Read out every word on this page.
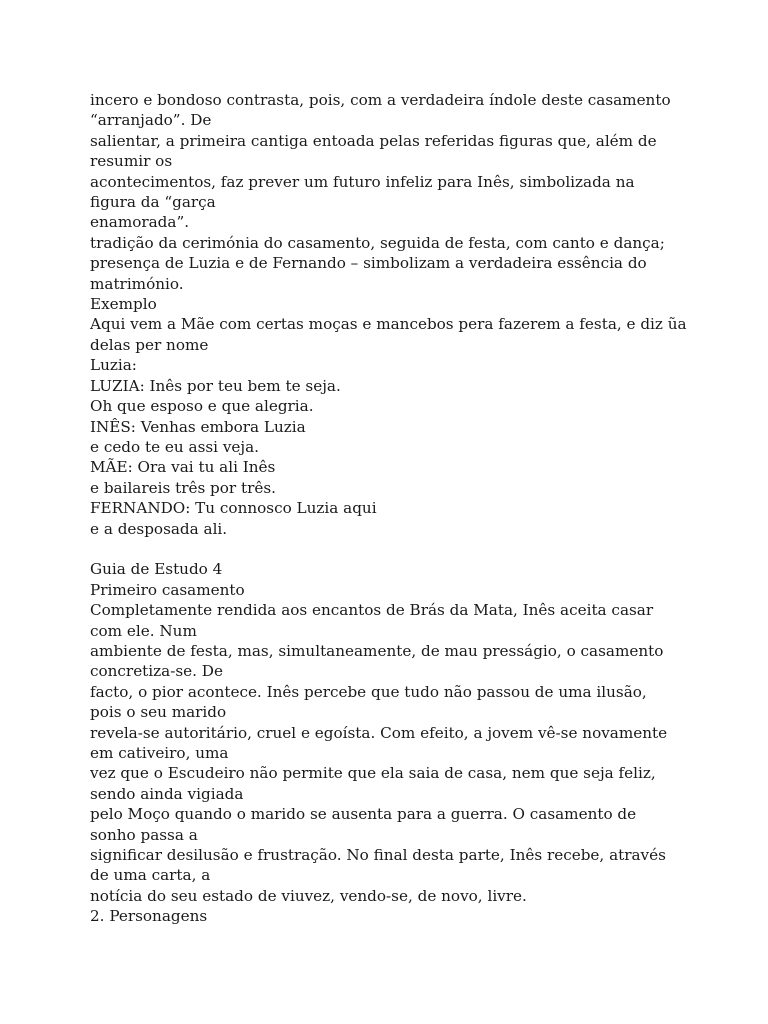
incero e bondoso contrasta, pois, com a verdadeira índole deste casamento
“arranjado”. De
salientar, a primeira cantiga entoada pelas referidas figuras que, além de
resumir os
acontecimentos, faz prever um futuro infeliz para Inês, simbolizada na
figura da “garça
enamorada”.
tradição da cerimónia do casamento, seguida de festa, com canto e dança;
presença de Luzia e de Fernando – simbolizam a verdadeira essência do
matrimónio.
Exemplo
Aqui vem a Mãe com certas moças e mancebos pera fazerem a festa, e diz ũa
delas per nome
Luzia:
LUZIA: Inês por teu bem te seja.
Oh que esposo e que alegria.
INÊS: Venhas embora Luzia
e cedo te eu assi veja.
MÃE: Ora vai tu ali Inês
e bailareis três por três.
FERNANDO: Tu connosco Luzia aqui
e a desposada ali.
Guia de Estudo 4
Primeiro casamento
Completamente rendida aos encantos de Brás da Mata, Inês aceita casar
com ele. Num
ambiente de festa, mas, simultaneamente, de mau presságio, o casamento
concretiza-se. De
facto, o pior acontece. Inês percebe que tudo não passou de uma ilusão,
pois o seu marido
revela-se autoritário, cruel e egoísta. Com efeito, a jovem vê-se novamente
em cativeiro, uma
vez que o Escudeiro não permite que ela saia de casa, nem que seja feliz,
sendo ainda vigiada
pelo Moço quando o marido se ausenta para a guerra. O casamento de
sonho passa a
significar desilusão e frustração. No final desta parte, Inês recebe, através
de uma carta, a
notícia do seu estado de viuvez, vendo-se, de novo, livre.
2. Personagens
